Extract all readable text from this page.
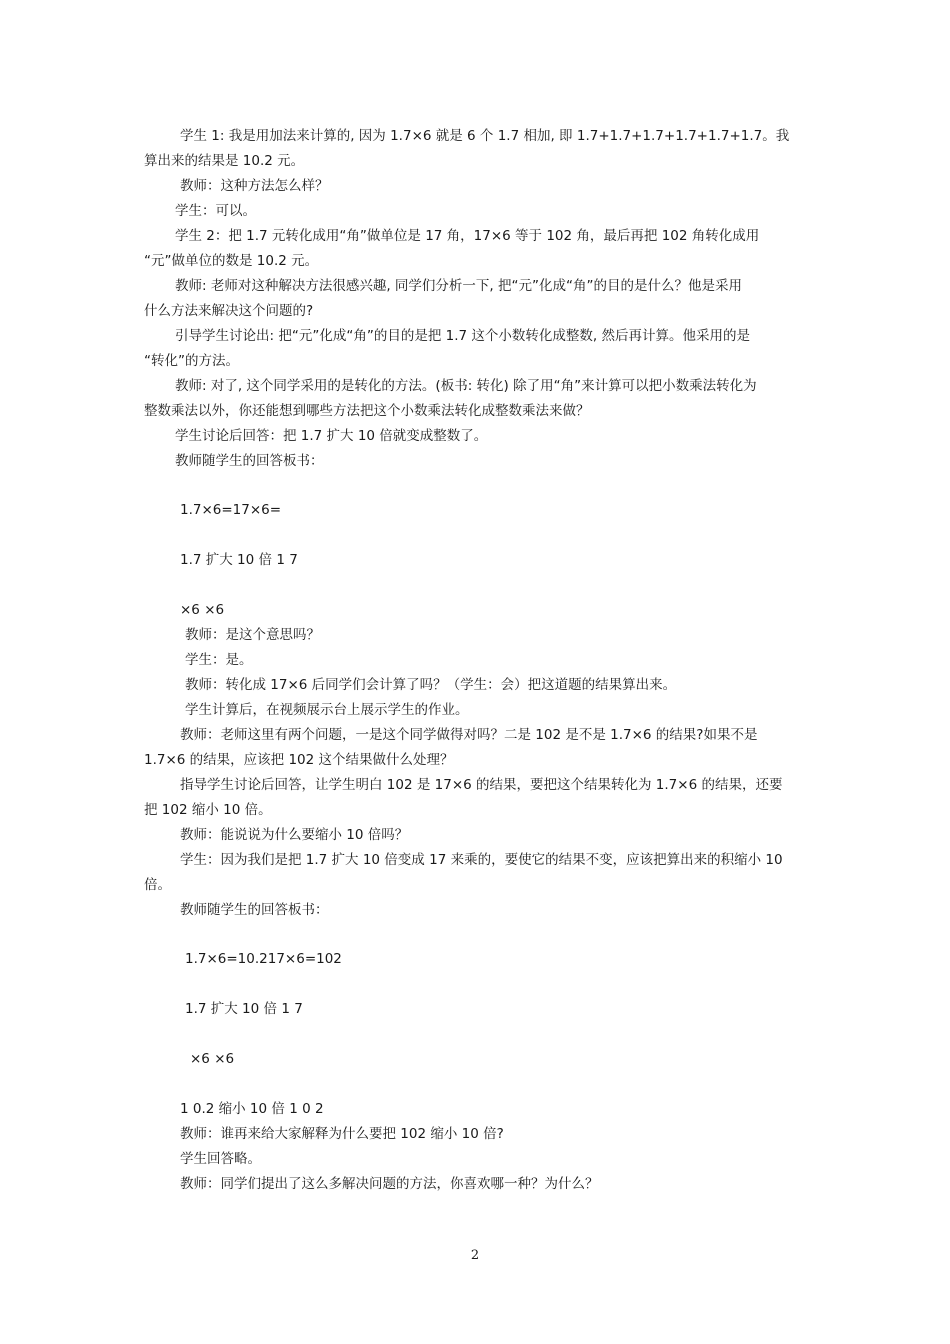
学生 1: 我是用加法来计算的, 因为 1.7×6 就是 6 个 1.7 相加, 即 1.7+1.7+1.7+1.7+1.7+1.7。我
算出来的结果是 10.2 元。
教师：这种方法怎么样？
学生：可以。
学生 2：把 1.7 元转化成用“角”做单位是 17 角，17×6 等于 102 角，最后再把 102 角转化成用
“元”做单位的数是 10.2 元。
教师: 老师对这种解决方法很感兴趣, 同学们分析一下, 把“元”化成“角”的目的是什么？他是采用
什么方法来解决这个问题的?
引导学生讨论出: 把“元”化成“角”的目的是把 1.7 这个小数转化成整数, 然后再计算。他采用的是
“转化”的方法。
教师: 对了, 这个同学采用的是转化的方法。(板书: 转化) 除了用“角”来计算可以把小数乘法转化为
整数乘法以外，你还能想到哪些方法把这个小数乘法转化成整数乘法来做？
学生讨论后回答：把 1.7 扩大 10 倍就变成整数了。
教师随学生的回答板书：
1.7×6=17×6=
1.7 扩大 10 倍 1 7
×6 ×6
教师：是这个意思吗？
学生：是。
教师：转化成 17×6 后同学们会计算了吗？（学生：会）把这道题的结果算出来。
学生计算后，在视频展示台上展示学生的作业。
教师：老师这里有两个问题，一是这个同学做得对吗？二是 102 是不是 1.7×6 的结果?如果不是
1.7×6 的结果，应该把 102 这个结果做什么处理？
指导学生讨论后回答，让学生明白 102 是 17×6 的结果，要把这个结果转化为 1.7×6 的结果，还要
把 102 缩小 10 倍。
教师：能说说为什么要缩小 10 倍吗？
学生：因为我们是把 1.7 扩大 10 倍变成 17 来乘的，要使它的结果不变，应该把算出来的积缩小 10
倍。
教师随学生的回答板书：
1.7×6=10.217×6=102
1.7 扩大 10 倍 1 7
×6 ×6
1 0.2 缩小 10 倍 1 0 2
教师：谁再来给大家解释为什么要把 102 缩小 10 倍?
学生回答略。
教师：同学们提出了这么多解决问题的方法，你喜欢哪一种？为什么？
2
